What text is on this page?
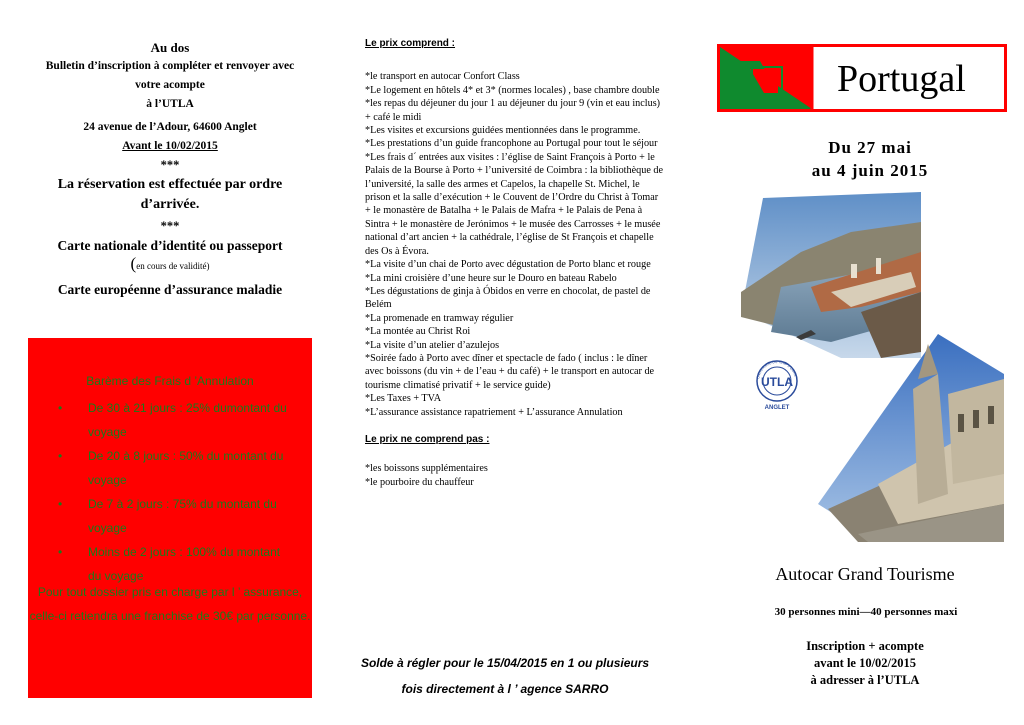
Au dos

Bulletin d’inscription à compléter et renvoyer avec votre acompte

à l’UTLA

24 avenue de l’Adour, 64600 Anglet

Avant le 10/02/2015

***

La réservation est effectuée par ordre d’arrivée.

***

Carte nationale d’identité ou passeport

(en cours de validité)

Carte européenne d’assurance maladie

Barème des Frais d ’Annulation
• De 30 à 21 jours : 25% dumontant du voyage
• De 20 à 8 jours : 50% du montant du voyage
• De 7 à 2 jours : 75% du montant du voyage
• Moins de 2 jours : 100% du montant du voyage
Pour tout dossier pris en charge par l ’ assurance, celle-ci retiendra une franchise de 30€ par personne.

Le prix comprend :

*le transport en autocar Confort Class

*Le logement en hôtels 4* et 3* (normes locales) , base chambre double

*les repas du déjeuner du jour 1 au déjeuner du jour 9 (vin et eau inclus) + café le midi

*Les visites et excursions guidées mentionnées dans le programme.

*Les prestations d’un guide francophone au Portugal pour tout le séjour

*Les frais d´ entrées aux visites : l’église de Saint François à Porto + le Palais de la Bourse à Porto + l’université de Coimbra : la bibliothèque de l’université, la salle des armes et Capelos, la chapelle St. Michel, le prison et la salle d’exécution + le Couvent de l’Ordre du Christ à Tomar + le monastère de Batalha + le Palais de Mafra + le Palais de Pena à Sintra + le monastère de Jerónimos + le musée des Carrosses + le musée national d’art ancien + la cathédrale, l’église de St François et chapelle des Os à Évora.

*La visite d’un chai de Porto avec dégustation de Porto blanc et rouge

*La mini croisière d’une heure sur le Douro en bateau Rabelo

*Les dégustations de ginja à Óbidos en verre en chocolat, de pastel de Belém

*La promenade en tramway régulier

*La montée au Christ Roi

*La visite d’un atelier d’azulejos

*Soirée fado à Porto avec dîner et spectacle de fado ( inclus : le dîner avec boissons (du vin + de l’eau + du café) + le transport en autocar de tourisme climatisé privatif + le service guide)

*Les Taxes + TVA

*L’assurance assistance rapatriement + L’assurance Annulation

Le prix ne comprend pas :

*les boissons supplémentaires

*le pourboire du chauffeur

Solde à régler pour le 15/04/2015 en 1 ou plusieurs fois directement à l ’ agence SARRO
Portugal
Du 27 mai
au 4 juin 2015
UNIVERSITE DU TEMPS LIBRE
UTLA
ANGLET
Autocar Grand Tourisme
30 personnes mini—40 personnes maxi
Inscription + acompte
avant le 10/02/2015
à adresser à l’UTLA
